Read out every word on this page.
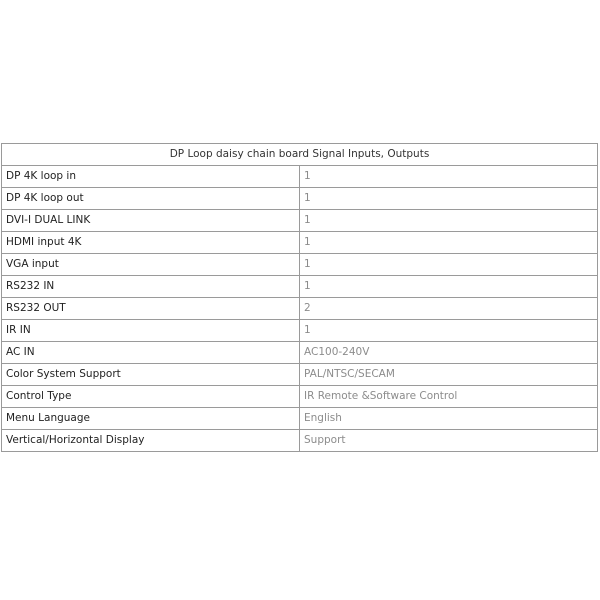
DP Loop daisy chain board Signal Inputs, Outputs	
DP 4K loop in	1
DP 4K loop out	1
DVI-I DUAL LINK	1
HDMI input 4K	1
VGA input	1
RS232 IN	1
RS232 OUT	2
IR IN	1
AC IN	AC100-240V
Color System Support	PAL/NTSC/SECAM
Control Type	IR Remote &Software Control
Menu Language	English
Vertical/Horizontal Display	Support
